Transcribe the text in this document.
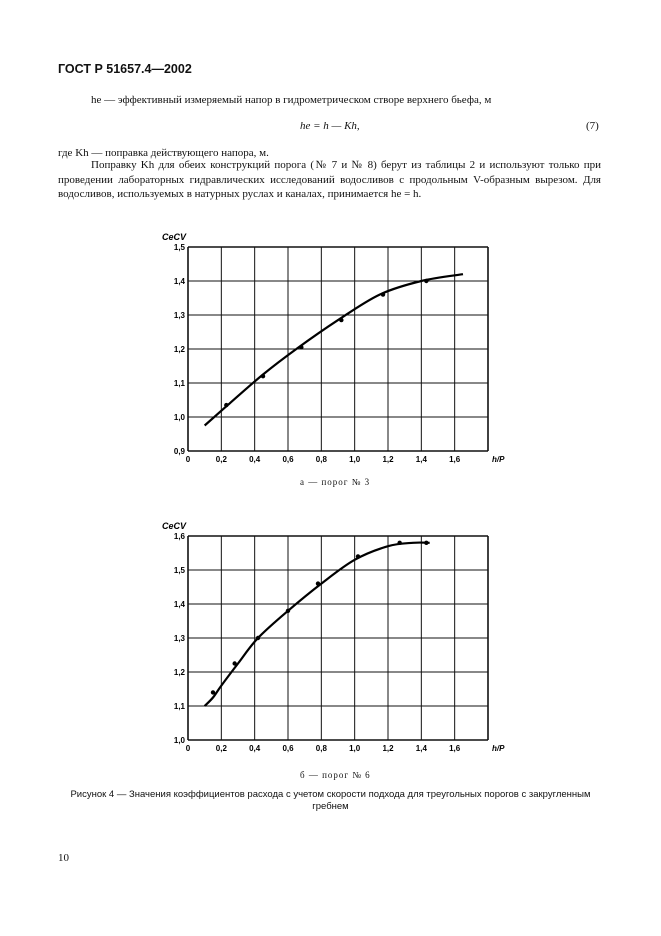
ГОСТ Р 51657.4—2002
hе — эффективный измеряемый напор в гидрометрическом створе верхнего бьефа, м
he = h — Kh,	(7)
где Kh — поправка действующего напора, м.
Поправку Kh для обеих конструкций порога (№ 7 и № 8) берут из таблицы 2 и используют только при проведении лабораторных гидравлических исследований водосливов с продольным V-образным вырезом. Для водосливов, используемых в натурных руслах и каналах, принимается he = h.
0	0,2	0,4	0,6	0,8	1,0	1,2	1,4	1,6
0,9
1,0
1,1
1,2
1,3
1,4
1,5
h/P
CeCV
а — порог № 3
0	0,2	0,4	0,6	0,8	1,0	1,2	1,4	1,6
1,0
1,1
1,2
1,3
1,4
1,5
1,6
h/P
CeCV
б — порог № 6
Рисунок 4 — Значения коэффициентов расхода с учетом скорости подхода для треугольных порогов с закругленным гребнем
10
